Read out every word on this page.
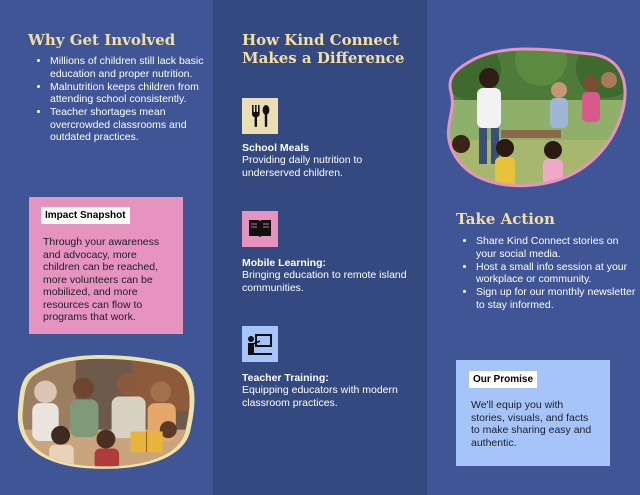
Why Get Involved
• Millions of children still lack basic education and proper nutrition.
• Malnutrition keeps children from attending school consistently.
• Teacher shortages mean overcrowded classrooms and outdated practices.
Impact Snapshot

Through your awareness and advocacy, more children can be reached, more volunteers can be mobilized, and more resources can flow to programs that work.

How Kind Connect
Makes a Difference

School Meals

Providing daily nutrition to underserved children.

Mobile Learning:

Bringing education to remote island communities.

Teacher Training:

Equipping educators with modern classroom practices.

Take Action
• Share Kind Connect stories on your social media.
• Host a small info session at your workplace or community.
• Sign up for our monthly newsletter to stay informed.
Our Promise

We'll equip you with stories, visuals, and facts to make sharing easy and authentic.
